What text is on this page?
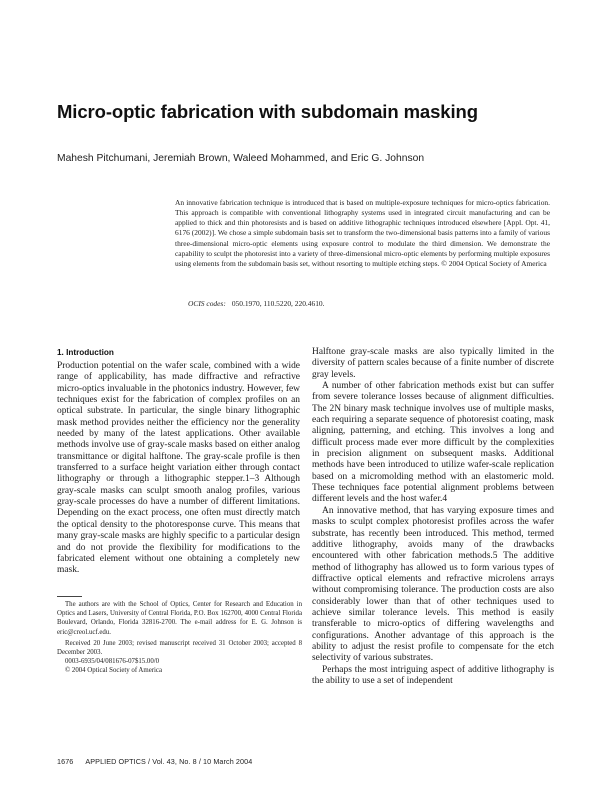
Micro-optic fabrication with subdomain masking
Mahesh Pitchumani, Jeremiah Brown, Waleed Mohammed, and Eric G. Johnson
An innovative fabrication technique is introduced that is based on multiple-exposure techniques for micro-optics fabrication. This approach is compatible with conventional lithography systems used in integrated circuit manufacturing and can be applied to thick and thin photoresists and is based on additive lithographic techniques introduced elsewhere [Appl. Opt. 41, 6176 (2002)]. We chose a simple subdomain basis set to transform the two-dimensional basis patterns into a family of various three-dimensional micro-optic elements using exposure control to modulate the third dimension. We demonstrate the capability to sculpt the photoresist into a variety of three-dimensional micro-optic elements by performing multiple exposures using elements from the subdomain basis set, without resorting to multiple etching steps. © 2004 Optical Society of America
OCIS codes: 050.1970, 110.5220, 220.4610.
1. Introduction

Production potential on the wafer scale, combined with a wide range of applicability, has made diffractive and refractive micro-optics invaluable in the photonics industry. However, few techniques exist for the fabrication of complex profiles on an optical substrate. In particular, the single binary lithographic mask method provides neither the efficiency nor the generality needed by many of the latest applications. Other available methods involve use of gray-scale masks based on either analog transmittance or digital halftone. The gray-scale profile is then transferred to a surface height variation either through contact lithography or through a lithographic stepper.1–3 Although gray-scale masks can sculpt smooth analog profiles, various gray-scale processes do have a number of different limitations. Depending on the exact process, one often must directly match the optical density to the photoresponse curve. This means that many gray-scale masks are highly specific to a particular design and do not provide the flexibility for modifications to the fabricated element without one obtaining a completely new mask.

Halftone gray-scale masks are also typically limited in the diversity of pattern scales because of a finite number of discrete gray levels.

A number of other fabrication methods exist but can suffer from severe tolerance losses because of alignment difficulties. The 2N binary mask technique involves use of multiple masks, each requiring a separate sequence of photoresist coating, mask aligning, patterning, and etching. This involves a long and difficult process made ever more difficult by the complexities in precision alignment on subsequent masks. Additional methods have been introduced to utilize wafer-scale replication based on a micromolding method with an elastomeric mold. These techniques face potential alignment problems between different levels and the host wafer.4

An innovative method, that has varying exposure times and masks to sculpt complex photoresist profiles across the wafer substrate, has recently been introduced. This method, termed additive lithography, avoids many of the drawbacks encountered with other fabrication methods.5 The additive method of lithography has allowed us to form various types of diffractive optical elements and refractive microlens arrays without compromising tolerance. The production costs are also considerably lower than that of other techniques used to achieve similar tolerance levels. This method is easily transferable to micro-optics of differing wavelengths and configurations. Another advantage of this approach is the ability to adjust the resist profile to compensate for the etch selectivity of various substrates.

Perhaps the most intriguing aspect of additive lithography is the ability to use a set of independent

The authors are with the School of Optics, Center for Research and Education in Optics and Lasers, University of Central Florida, P.O. Box 162700, 4000 Central Florida Boulevard, Orlando, Florida 32816-2700. The e-mail address for E. G. Johnson is eric@creol.ucf.edu.

Received 20 June 2003; revised manuscript received 31 October 2003; accepted 8 December 2003.

0003-6935/04/081676-07$15.00/0

© 2004 Optical Society of America

1676 APPLIED OPTICS / Vol. 43, No. 8 / 10 March 2004
